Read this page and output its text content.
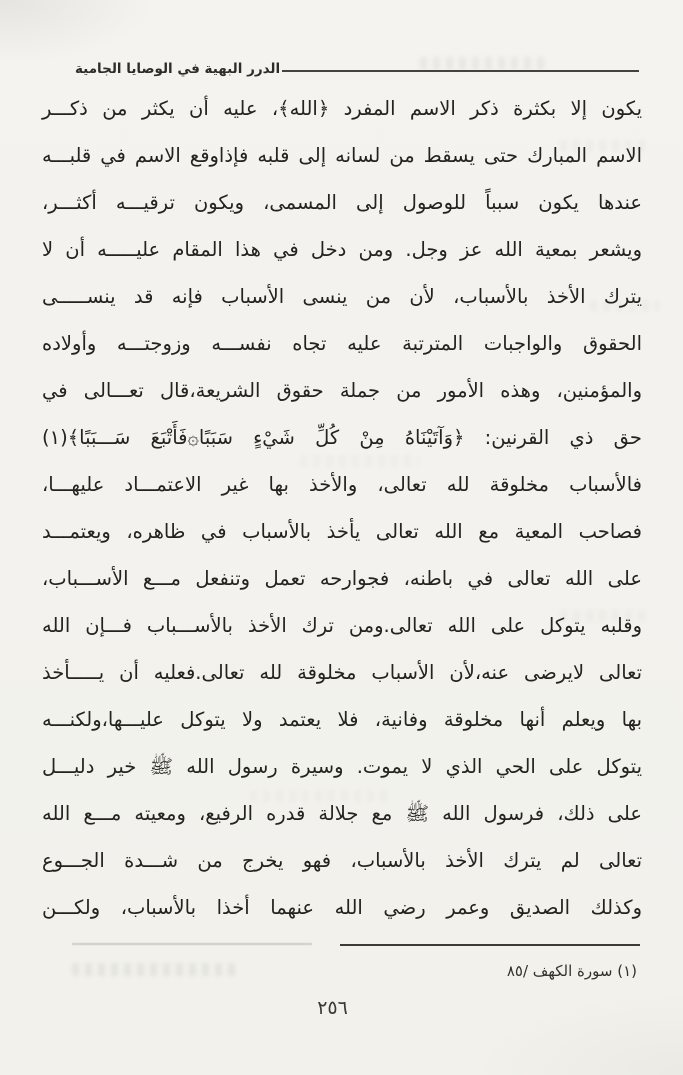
الدرر البهية في الوصايا الجامية
يكون إلا بكثرة ذكر الاسم المفرد ﴿الله﴾، عليه أن يكثر من ذكـــر
الاسم المبارك حتى يسقط من لسانه إلى قلبه فإذاوقع الاسم في قلبـــه
عندها يكون سبباً للوصول إلى المسمى، ويكون ترقيـــه أكثـــر،
ويشعر بمعية الله عز وجل. ومن دخل في هذا المقام عليـــــه أن لا
يترك الأخذ بالأسباب، لأن من ينسى الأسباب فإنه قد ينســـــى
الحقوق والواجبات المترتبة عليه تجاه نفســـه وزوجتـــه وأولاده
والمؤمنين، وهذه الأمور من جملة حقوق الشريعة،قال تعـــالى في
حق ذي القرنين: ﴿وَآتَيْنَاهُ مِنْ كُلِّ شَيْءٍ سَبَبًا۞فَأَتْبَعَ سَـــبَبًا﴾(١)
فالأسباب مخلوقة لله تعالى، والأخذ بها غير الاعتمـــاد عليهـــا،
فصاحب المعية مع الله تعالى يأخذ بالأسباب في ظاهره، ويعتمـــد
على الله تعالى في باطنه، فجوارحه تعمل وتنفعل مـــع الأســـباب،
وقلبه يتوكل على الله تعالى.ومن ترك الأخذ بالأســـباب فـــإن الله
تعالى لايرضى عنه،لأن الأسباب مخلوقة لله تعالى.فعليه أن يـــــأخذ
بها ويعلم أنها مخلوقة وفانية، فلا يعتمد ولا يتوكل عليـــها،ولكنـــه
يتوكل على الحي الذي لا يموت. وسيرة رسول الله ﷺ خير دليـــل
على ذلك، فرسول الله ﷺ مع جلالة قدره الرفيع، ومعيته مـــع الله
تعالى لم يترك الأخذ بالأسباب، فهو يخرج من شـــدة الجـــوع
وكذلك الصديق وعمر رضي الله عنهما أخذا بالأسباب، ولكـــن
(١) سورة الكهف /٨٥
٢٥٦
